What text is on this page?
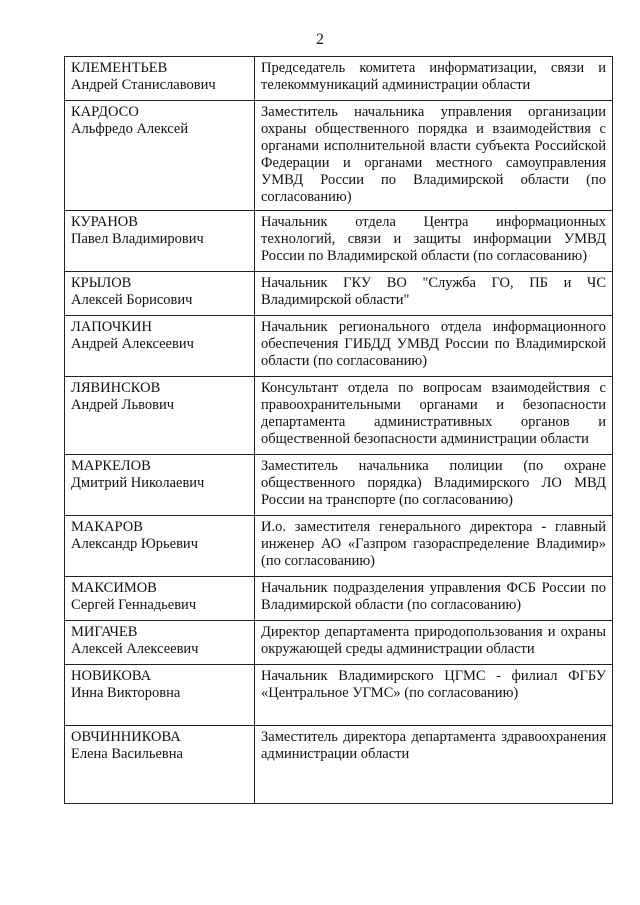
2
КЛЕМЕНТЬЕВ
Андрей Станиславович	Председатель комитета информатизации, связи и телекоммуникаций администрации области

КАРДОСО
Альфредо Алексей	Заместитель начальника управления организации охраны общественного порядка и взаимодействия с органами исполнительной власти субъекта Российской Федерации и органами местного самоуправления УМВД России по Владимирской области (по согласованию)

КУРАНОВ
Павел Владимирович	Начальник отдела Центра информационных технологий, связи и защиты информации УМВД России по Владимирской области (по согласованию)

КРЫЛОВ
Алексей Борисович	Начальник ГКУ ВО "Служба ГО, ПБ и ЧС Владимирской области"

ЛАПОЧКИН
Андрей Алексеевич	Начальник регионального отдела информационного обеспечения ГИБДД УМВД России по Владимирской области (по согласованию)

ЛЯВИНСКОВ
Андрей Львович	Консультант отдела по вопросам взаимодействия с правоохранительными органами и безопасности департамента административных органов и общественной безопасности администрации области

МАРКЕЛОВ
Дмитрий Николаевич	Заместитель начальника полиции (по охране общественного порядка) Владимирского ЛО МВД России на транспорте (по согласованию)

МАКАРОВ
Александр Юрьевич	И.о. заместителя генерального директора - главный инженер АО «Газпром газораспределение Владимир» (по согласованию)

МАКСИМОВ
Сергей Геннадьевич	Начальник подразделения управления ФСБ России по Владимирской области (по согласованию)

МИГАЧЕВ
Алексей Алексеевич	Директор департамента природопользования и охраны окружающей среды администрации области

НОВИКОВА
Инна Викторовна	Начальник Владимирского ЦГМС - филиал ФГБУ «Центральное УГМС» (по согласованию)

ОВЧИННИКОВА
Елена Васильевна	Заместитель директора департамента здравоохранения администрации области
